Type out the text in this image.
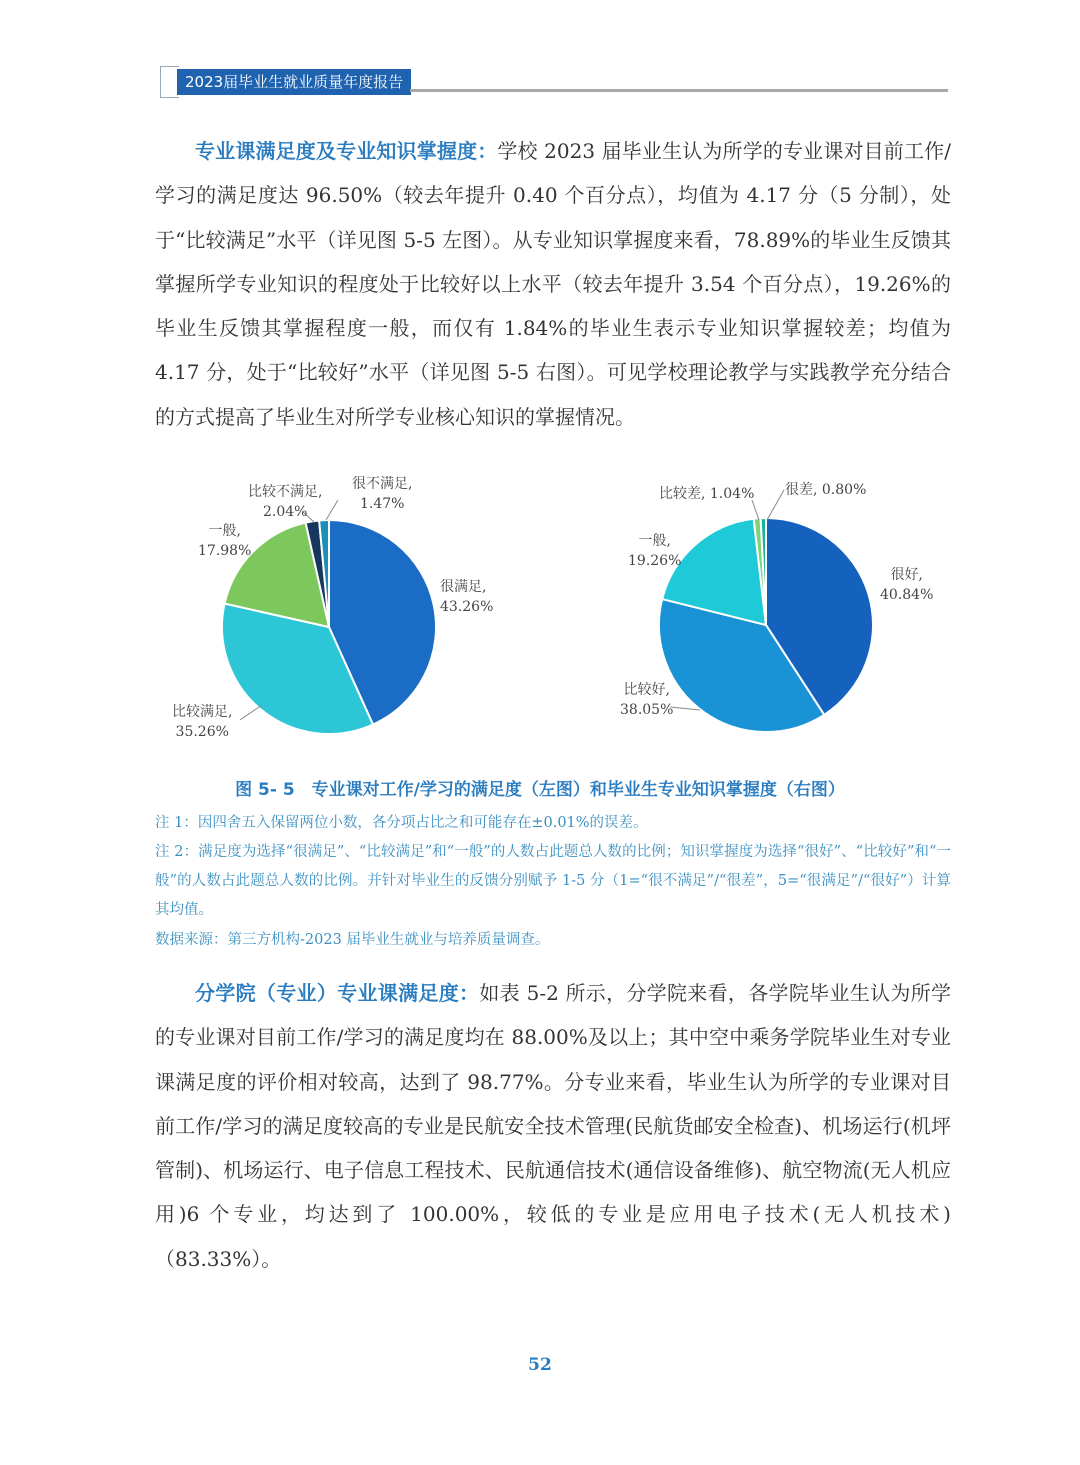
2023届毕业生就业质量年度报告

专业课满足度及专业知识掌握度：学校 2023 届毕业生认为所学的专业课对目前工作/学习的满足度达 96.50%（较去年提升 0.40 个百分点），均值为 4.17 分（5 分制），处于“比较满足”水平（详见图 5-5 左图）。从专业知识掌握度来看，78.89%的毕业生反馈其掌握所学专业知识的程度处于比较好以上水平（较去年提升 3.54 个百分点），19.26%的毕业生反馈其掌握程度一般，而仅有 1.84%的毕业生表示专业知识掌握较差；均值为 4.17 分，处于“比较好”水平（详见图 5-5 右图）。可见学校理论教学与实践教学充分结合的方式提高了毕业生对所学专业核心知识的掌握情况。

很满足,
43.26%
比较满足,
35.26%
一般,
17.98%
比较不满足,
2.04%
很不满足,
1.47%
很好,
40.84%
比较好,
38.05%
一般,
19.26%
比较差, 1.04% 很差, 0.80%
图 5- 5　专业课对工作/学习的满足度（左图）和毕业生专业知识掌握度（右图）

注 1：因四舍五入保留两位小数，各分项占比之和可能存在±0.01%的误差。

注 2：满足度为选择“很满足”、“比较满足”和“一般”的人数占此题总人数的比例；知识掌握度为选择“很好”、“比较好”和“一般”的人数占此题总人数的比例。并针对毕业生的反馈分别赋予 1-5 分（1=“很不满足”/“很差”，5=“很满足”/“很好”）计算其均值。

数据来源：第三方机构-2023 届毕业生就业与培养质量调查。

分学院（专业）专业课满足度：如表 5-2 所示，分学院来看，各学院毕业生认为所学的专业课对目前工作/学习的满足度均在 88.00%及以上；其中空中乘务学院毕业生对专业课满足度的评价相对较高，达到了 98.77%。分专业来看，毕业生认为所学的专业课对目前工作/学习的满足度较高的专业是民航安全技术管理(民航货邮安全检查)、机场运行(机坪管制)、机场运行、电子信息工程技术、民航通信技术(通信设备维修)、航空物流(无人机应用)6 个专业，均达到了 100.00%，较低的专业是应用电子技术(无人机技术)（83.33%）。

52
